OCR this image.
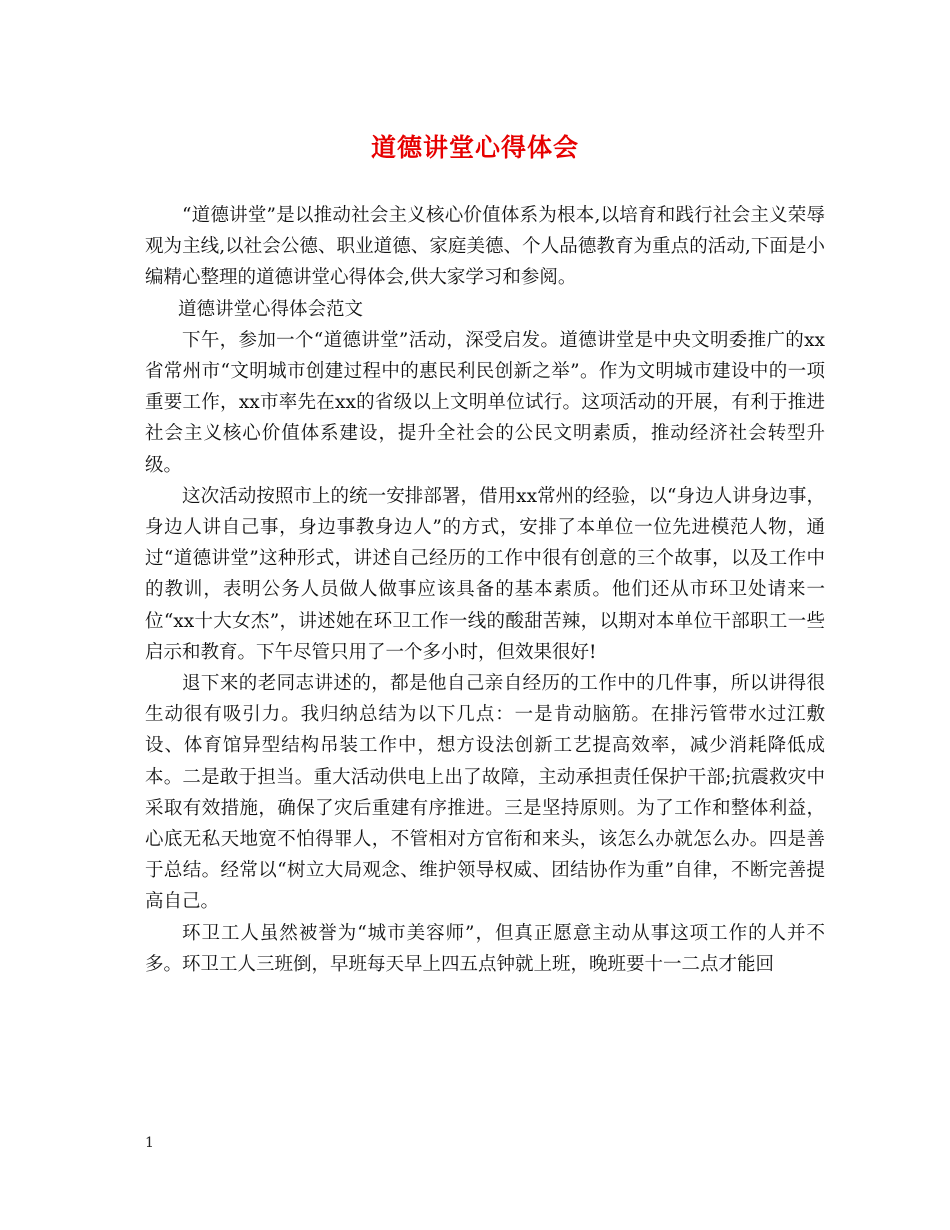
道德讲堂心得体会

“道德讲堂”是以推动社会主义核心价值体系为根本,以培育和践行社会主义荣辱观为主线,以社会公德、职业道德、家庭美德、个人品德教育为重点的活动,下面是小编精心整理的道德讲堂心得体会,供大家学习和参阅。

道德讲堂心得体会范文

下午，参加一个“道德讲堂”活动，深受启发。道德讲堂是中央文明委推广的xx省常州市“文明城市创建过程中的惠民利民创新之举”。作为文明城市建设中的一项重要工作，xx市率先在xx的省级以上文明单位试行。这项活动的开展，有利于推进社会主义核心价值体系建设，提升全社会的公民文明素质，推动经济社会转型升级。

这次活动按照市上的统一安排部署，借用xx常州的经验，以“身边人讲身边事，身边人讲自己事，身边事教身边人”的方式，安排了本单位一位先进模范人物，通过“道德讲堂”这种形式，讲述自己经历的工作中很有创意的三个故事，以及工作中的教训，表明公务人员做人做事应该具备的基本素质。他们还从市环卫处请来一位“xx十大女杰”，讲述她在环卫工作一线的酸甜苦辣，以期对本单位干部职工一些启示和教育。下午尽管只用了一个多小时，但效果很好!

退下来的老同志讲述的，都是他自己亲自经历的工作中的几件事，所以讲得很生动很有吸引力。我归纳总结为以下几点：一是肯动脑筋。在排污管带水过江敷设、体育馆异型结构吊装工作中，想方设法创新工艺提高效率，减少消耗降低成本。二是敢于担当。重大活动供电上出了故障，主动承担责任保护干部;抗震救灾中采取有效措施，确保了灾后重建有序推进。三是坚持原则。为了工作和整体利益，心底无私天地宽不怕得罪人，不管相对方官衔和来头，该怎么办就怎么办。四是善于总结。经常以“树立大局观念、维护领导权威、团结协作为重”自律，不断完善提高自己。

环卫工人虽然被誉为“城市美容师”，但真正愿意主动从事这项工作的人并不多。环卫工人三班倒，早班每天早上四五点钟就上班，晚班要十一二点才能回

1
